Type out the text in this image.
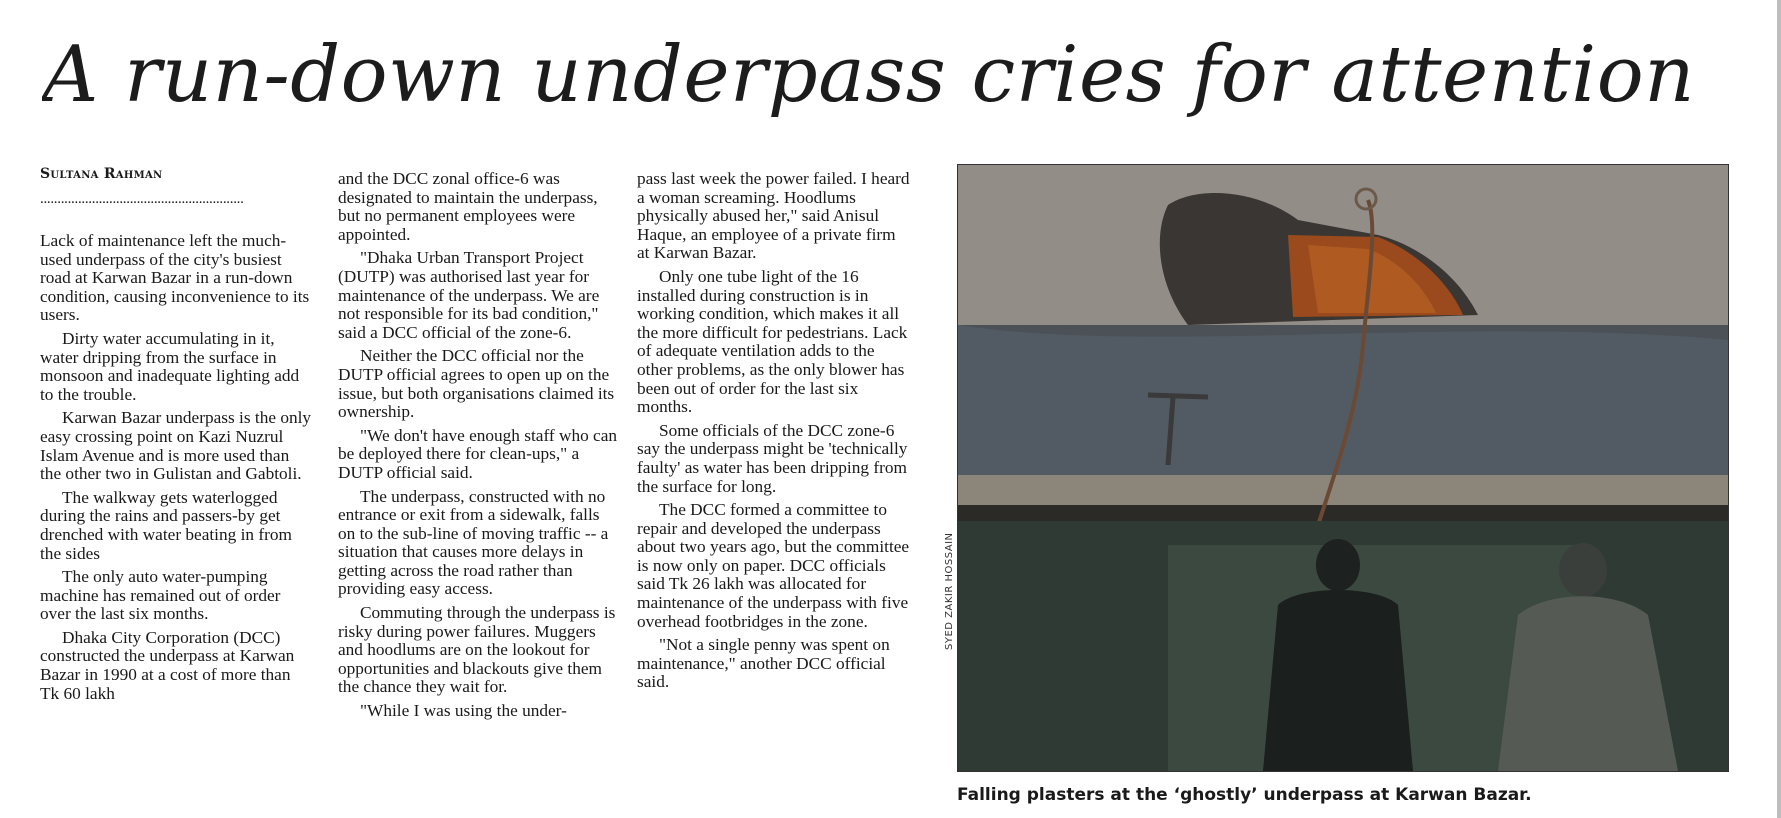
A run-down underpass cries for attention
Sultana Rahman
...........................................................

Lack of maintenance left the much-used underpass of the city's busiest road at Karwan Bazar in a run-down condition, causing inconvenience to its users.

Dirty water accumulating in it, water dripping from the surface in monsoon and inadequate lighting add to the trouble.

Karwan Bazar underpass is the only easy crossing point on Kazi Nuzrul Islam Avenue and is more used than the other two in Gulistan and Gabtoli.

The walkway gets waterlogged during the rains and passers-by get drenched with water beating in from the sides

The only auto water-pumping machine has remained out of order over the last six months.

Dhaka City Corporation (DCC) constructed the underpass at Karwan Bazar in 1990 at a cost of more than Tk 60 lakh

and the DCC zonal office-6 was designated to maintain the underpass, but no permanent employees were appointed.

"Dhaka Urban Transport Project (DUTP) was authorised last year for maintenance of the underpass. We are not responsible for its bad condition," said a DCC official of the zone-6.

Neither the DCC official nor the DUTP official agrees to open up on the issue, but both organisations claimed its ownership.

"We don't have enough staff who can be deployed there for clean-ups," a DUTP official said.

The underpass, constructed with no entrance or exit from a sidewalk, falls on to the sub-line of moving traffic -- a situation that causes more delays in getting across the road rather than providing easy access.

Commuting through the underpass is risky during power failures. Muggers and hoodlums are on the lookout for opportunities and blackouts give them the chance they wait for.

"While I was using the under-

pass last week the power failed. I heard a woman screaming. Hoodlums physically abused her," said Anisul Haque, an employee of a private firm at Karwan Bazar.

Only one tube light of the 16 installed during construction is in working condition, which makes it all the more difficult for pedestrians. Lack of adequate ventilation adds to the other problems, as the only blower has been out of order for the last six months.

Some officials of the DCC zone-6 say the underpass might be 'technically faulty' as water has been dripping from the surface for long.

The DCC formed a committee to repair and developed the underpass about two years ago, but the committee is now only on paper. DCC officials said Tk 26 lakh was allocated for maintenance of the underpass with five overhead footbridges in the zone.

"Not a single penny was spent on maintenance," another DCC official said.

SYED ZAKIR HOSSAIN
Falling plasters at the ‘ghostly’ underpass at Karwan Bazar.
